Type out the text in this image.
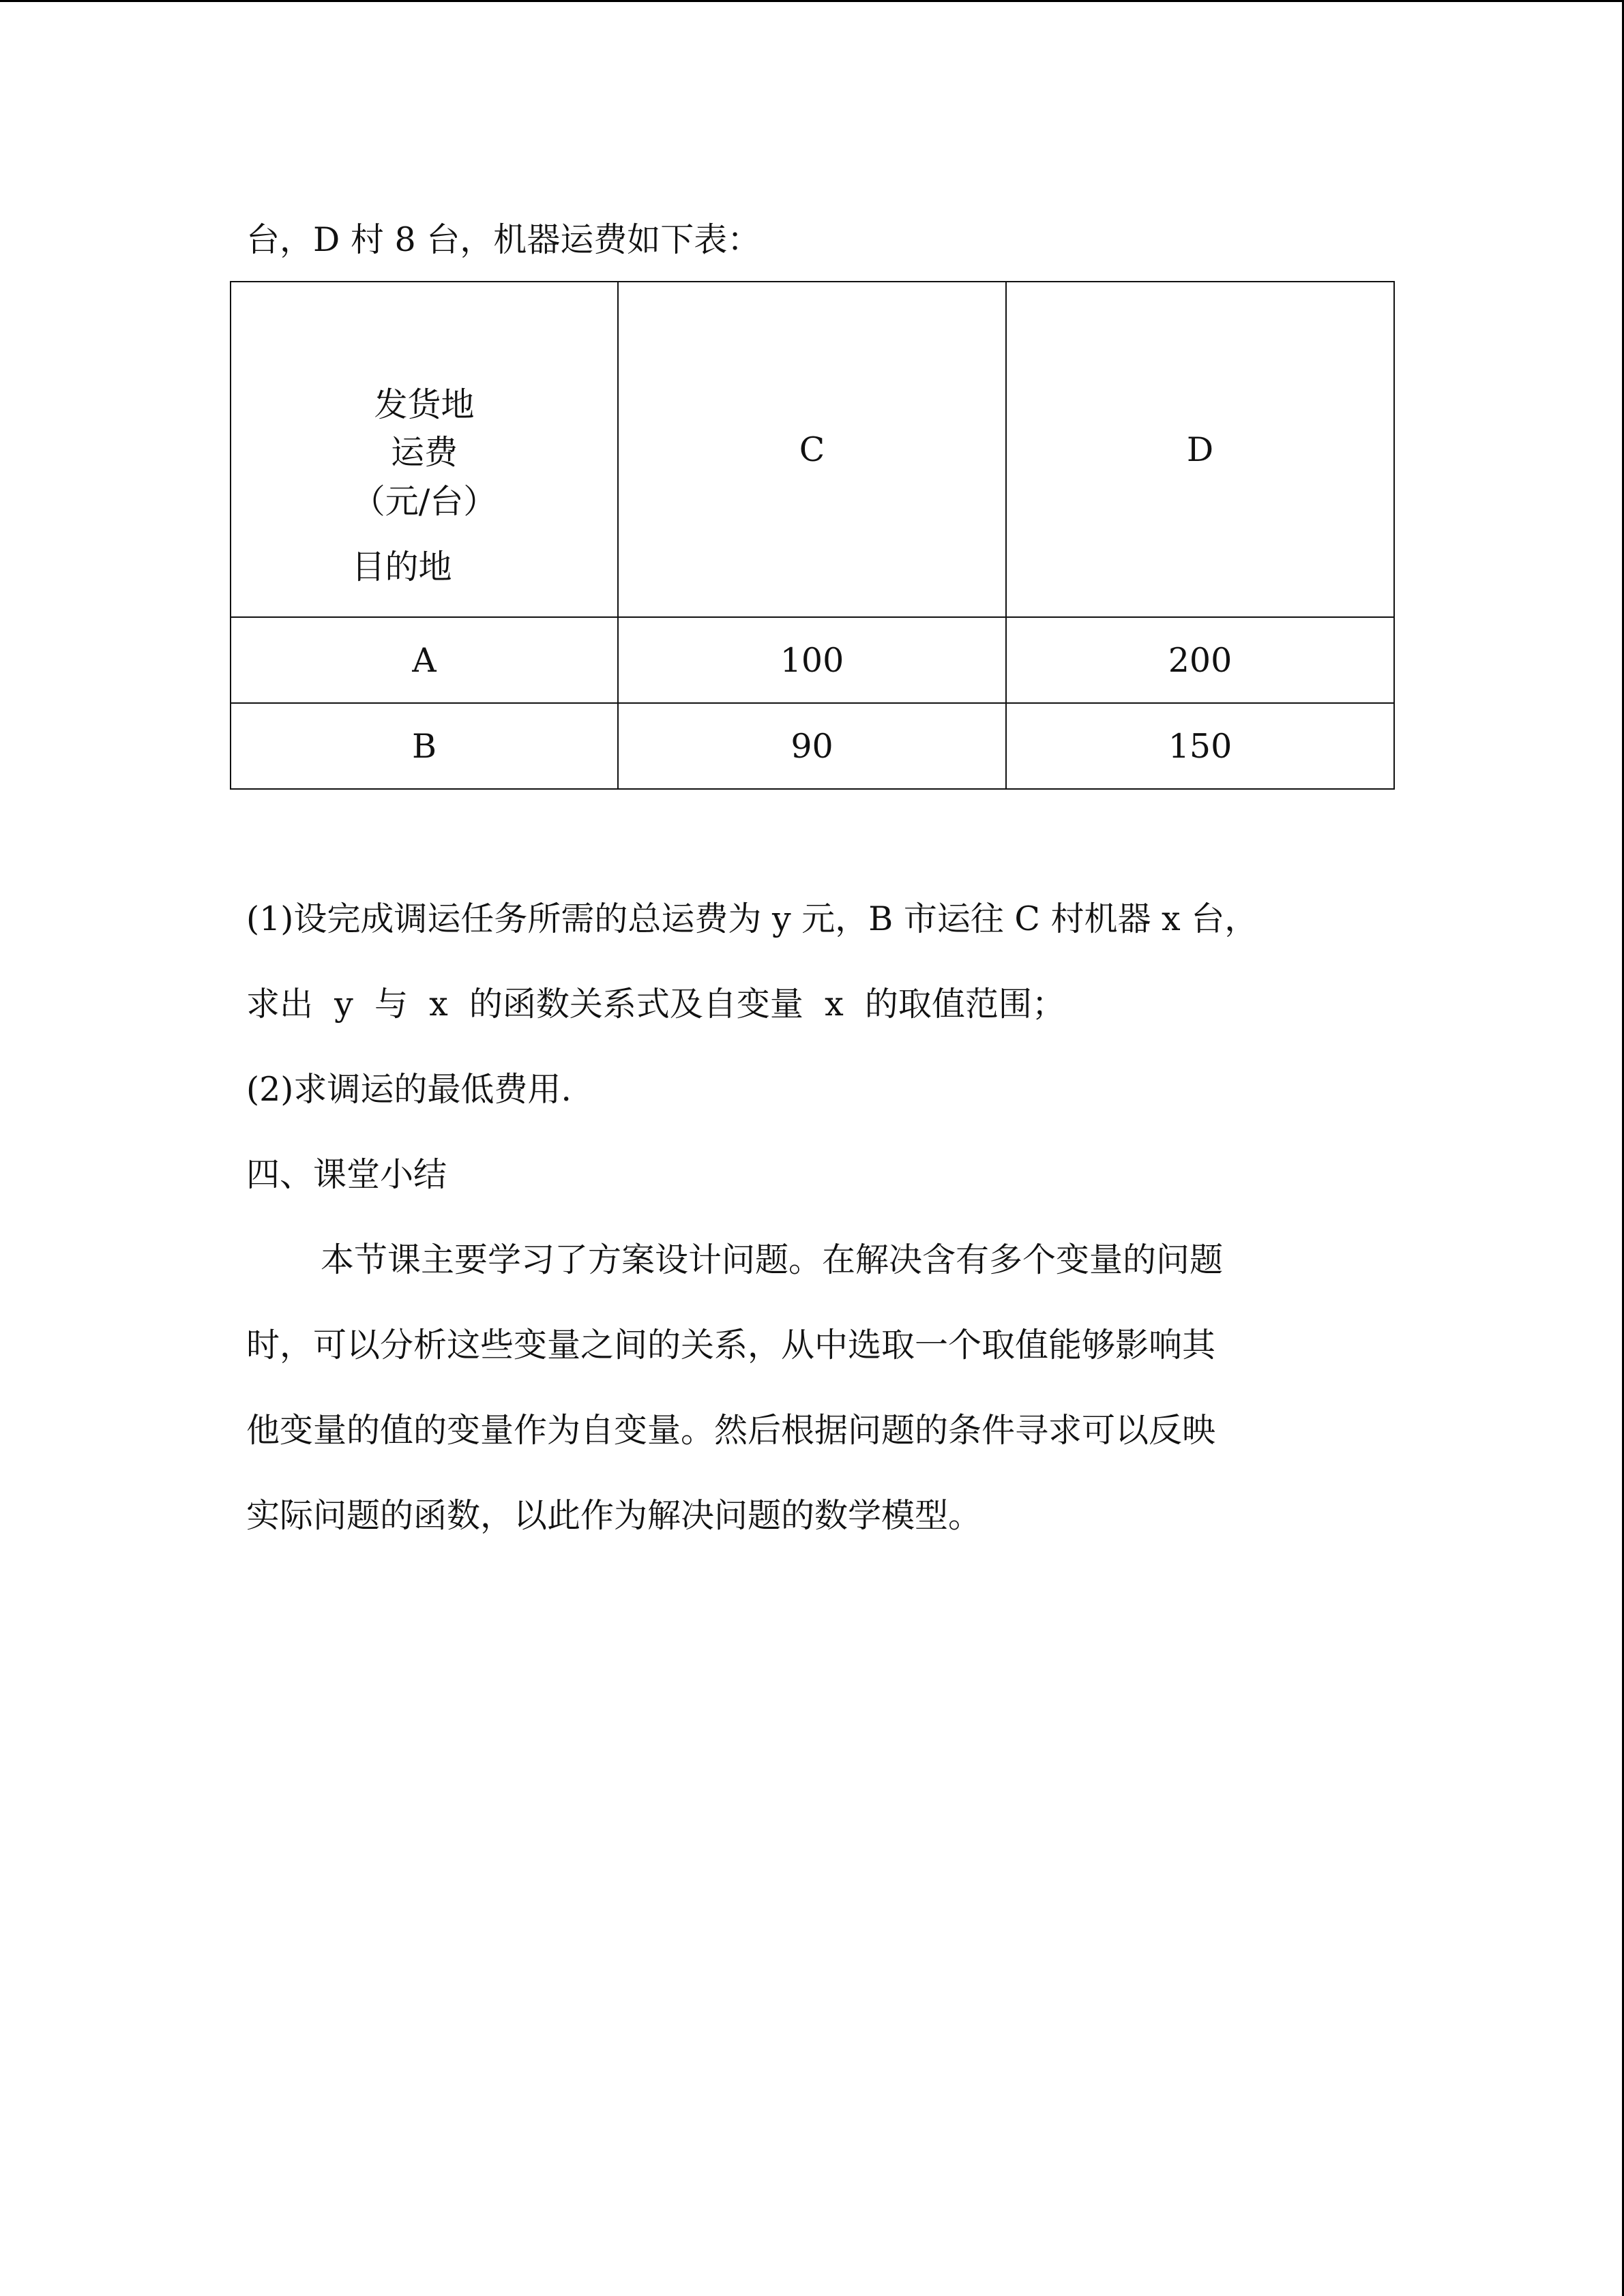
台，D 村 8 台，机器运费如下表：

发货地
运费
（元/台）
目的地	C	D
A	100	200
B	90	150

(1)设完成调运任务所需的总运费为 y 元，B 市运往 C 村机器 x 台，

求出  y  与  x  的函数关系式及自变量  x  的取值范围；

(2)求调运的最低费用.

四、课堂小结

本节课主要学习了方案设计问题。在解决含有多个变量的问题

时，可以分析这些变量之间的关系，从中选取一个取值能够影响其

他变量的值的变量作为自变量。然后根据问题的条件寻求可以反映

实际问题的函数，以此作为解决问题的数学模型。
